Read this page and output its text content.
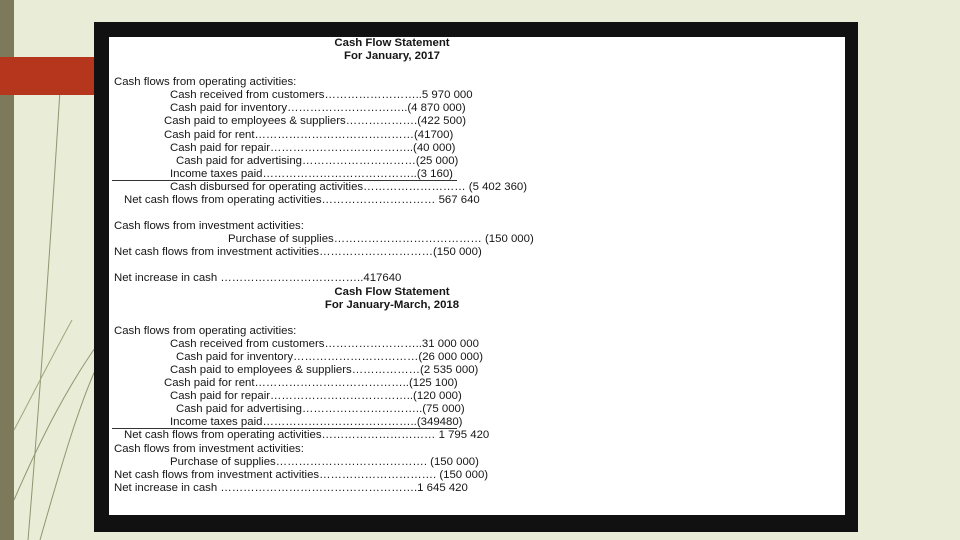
Cash Flow Statement
For January, 2017
Cash flows from operating activities:
Cash received from customers……………………..5 970 000
Cash paid for inventory…………………………..(4 870 000)
Cash paid to employees & suppliers……………….(422 500)
Cash paid for rent……………………………………(41700)
Cash paid for repair………………………………..(40 000)
Cash paid for advertising…………………………(25 000)
Income taxes paid…………………………………..(3 160)
Cash disbursed for operating activities……………………… (5 402 360)
Net cash flows from operating activities………………………… 567 640
Cash flows from investment activities:
Purchase of supplies………………………………… (150 000)
Net cash flows from investment activities…………………………(150 000)
Net increase in cash ………………………………..417640
Cash Flow Statement
For January-March, 2018
Cash flows from operating activities:
Cash received from customers……………………..31 000 000
Cash paid for inventory……………………………(26 000 000)
Cash paid to employees & suppliers………………(2 535 000)
Cash paid for rent…………………………………..(125 100)
Cash paid for repair………………………………..(120 000)
Cash paid for advertising…………………………..(75 000)
Income taxes paid…………………………………..(349480)
Net cash flows from operating activities………………………… 1 795 420
Cash flows from investment activities:
Purchase of supplies…………………………………. (150 000)
Net cash flows from investment activities…………………………. (150 000)
Net increase in cash …………………………………………….1 645 420
